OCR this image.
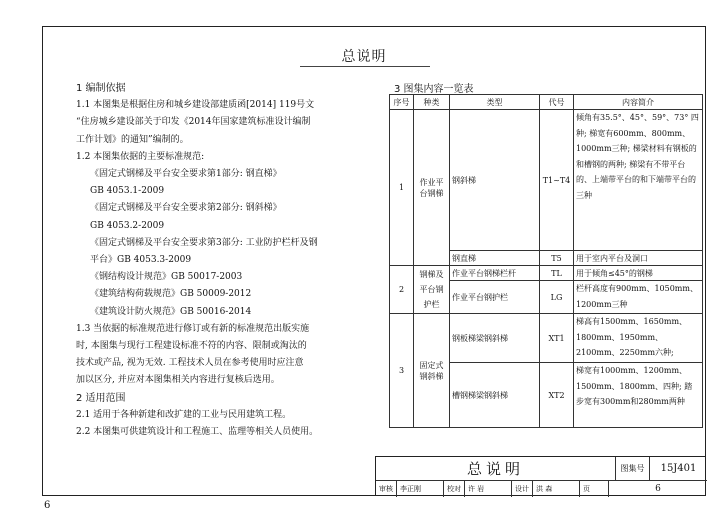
总说明
1 编制依据
1.1 本图集是根据住房和城乡建设部建质函[2014] 119号文
“住房城乡建设部关于印发《2014年国家建筑标准设计编制
工作计划》的通知”编制的。
1.2 本图集依据的主要标准规范:
《固定式钢梯及平台安全要求第1部分: 钢直梯》
GB 4053.1-2009
《固定式钢梯及平台安全要求第2部分: 钢斜梯》
GB 4053.2-2009
《固定式钢梯及平台安全要求第3部分: 工业防护栏杆及钢
平台》GB 4053.3-2009
《钢结构设计规范》GB 50017-2003
《建筑结构荷载规范》GB 50009-2012
《建筑设计防火规范》GB 50016-2014
1.3 当依据的标准规范进行修订或有新的标准规范出版实施
时, 本图集与现行工程建设标准不符的内容、限制或淘汰的
技术或产品, 视为无效. 工程技术人员在参考使用时应注意
加以区分, 并应对本图集相关内容进行复核后选用。
2 适用范围
2.1 适用于各种新建和改扩建的工业与民用建筑工程。
2.2 本图集可供建筑设计和工程施工、监理等相关人员使用。
3 图集内容一览表
序号	种类	类型	代号	内容简介
1	作业平台钢梯	钢斜梯	T1~T4	倾角有35.5°、45°、59°、73° 四种; 梯宽有600mm、800mm、1000mm三种; 梯梁材料有钢板的和槽钢的两种; 梯梁有不带平台的、上端带平台的和下端带平台的三种
		钢直梯	T5	用于室内平台及洞口
2	钢梯及平台钢护栏	作业平台钢梯栏杆	TL	用于倾角≤45°的钢梯
		作业平台钢护栏	LG	栏杆高度有900mm、1050mm、1200mm三种
3	固定式钢斜梯	钢板梯梁钢斜梯	XT1	梯高有1500mm、1650mm、1800mm、1950mm、2100mm、2250mm六种;
		槽钢梯梁钢斜梯	XT2	梯宽有1000mm、1200mm、1500mm、1800mm、四种; 踏步宽有300mm和280mm两种
总说明	图集号	15J401
审核	李正刚	校对	许 岩	设计	洪 森	页	6
6
